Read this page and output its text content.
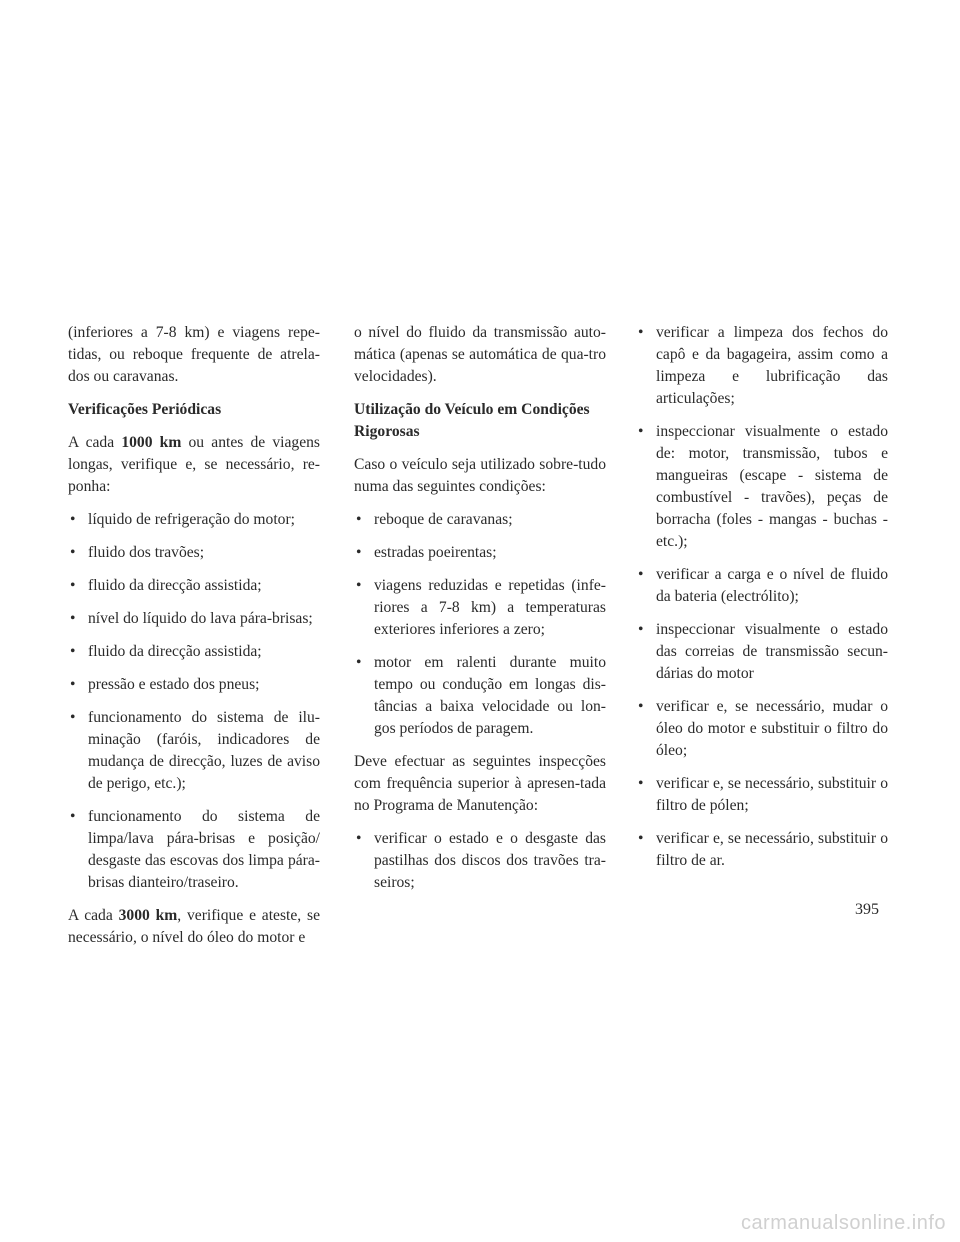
(inferiores a 7-8 km) e viagens repe-tidas, ou reboque frequente de atrela-dos ou caravanas.

Verificações Periódicas

A cada 1000 km ou antes de viagens longas, verifique e, se necessário, re-ponha:

• líquido de refrigeração do motor;
• fluido dos travões;
• fluido da direcção assistida;
• nível do líquido do lava pára-brisas;
• fluido da direcção assistida;
• pressão e estado dos pneus;
• funcionamento do sistema de ilu-minação (faróis, indicadores de mudança de direcção, luzes de aviso de perigo, etc.);
• funcionamento do sistema de limpa/lava pára-brisas e posição/ desgaste das escovas dos limpa pára-brisas dianteiro/traseiro.

A cada 3000 km, verifique e ateste, se necessário, o nível do óleo do motor e

o nível do fluido da transmissão auto-mática (apenas se automática de qua-tro velocidades).

Utilização do Veículo em Condições Rigorosas

Caso o veículo seja utilizado sobre-tudo numa das seguintes condições:

• reboque de caravanas;
• estradas poeirentas;
• viagens reduzidas e repetidas (infe-riores a 7-8 km) a temperaturas exteriores inferiores a zero;
• motor em ralenti durante muito tempo ou condução em longas dis-tâncias a baixa velocidade ou lon-gos períodos de paragem.

Deve efectuar as seguintes inspecções com frequência superior à apresen-tada no Programa de Manutenção:

• verificar o estado e o desgaste das pastilhas dos discos dos travões tra-seiros;
• verificar a limpeza dos fechos do capô e da bagageira, assim como a limpeza e lubrificação das articulações;
• inspeccionar visualmente o estado de: motor, transmissão, tubos e mangueiras (escape - sistema de combustível - travões), peças de borracha (foles - mangas - buchas - etc.);
• verificar a carga e o nível de fluido da bateria (electrólito);
• inspeccionar visualmente o estado das correias de transmissão secun-dárias do motor
• verificar e, se necessário, mudar o óleo do motor e substituir o filtro do óleo;
• verificar e, se necessário, substituir o filtro de pólen;
• verificar e, se necessário, substituir o filtro de ar.
395
carmanualsonline.info
